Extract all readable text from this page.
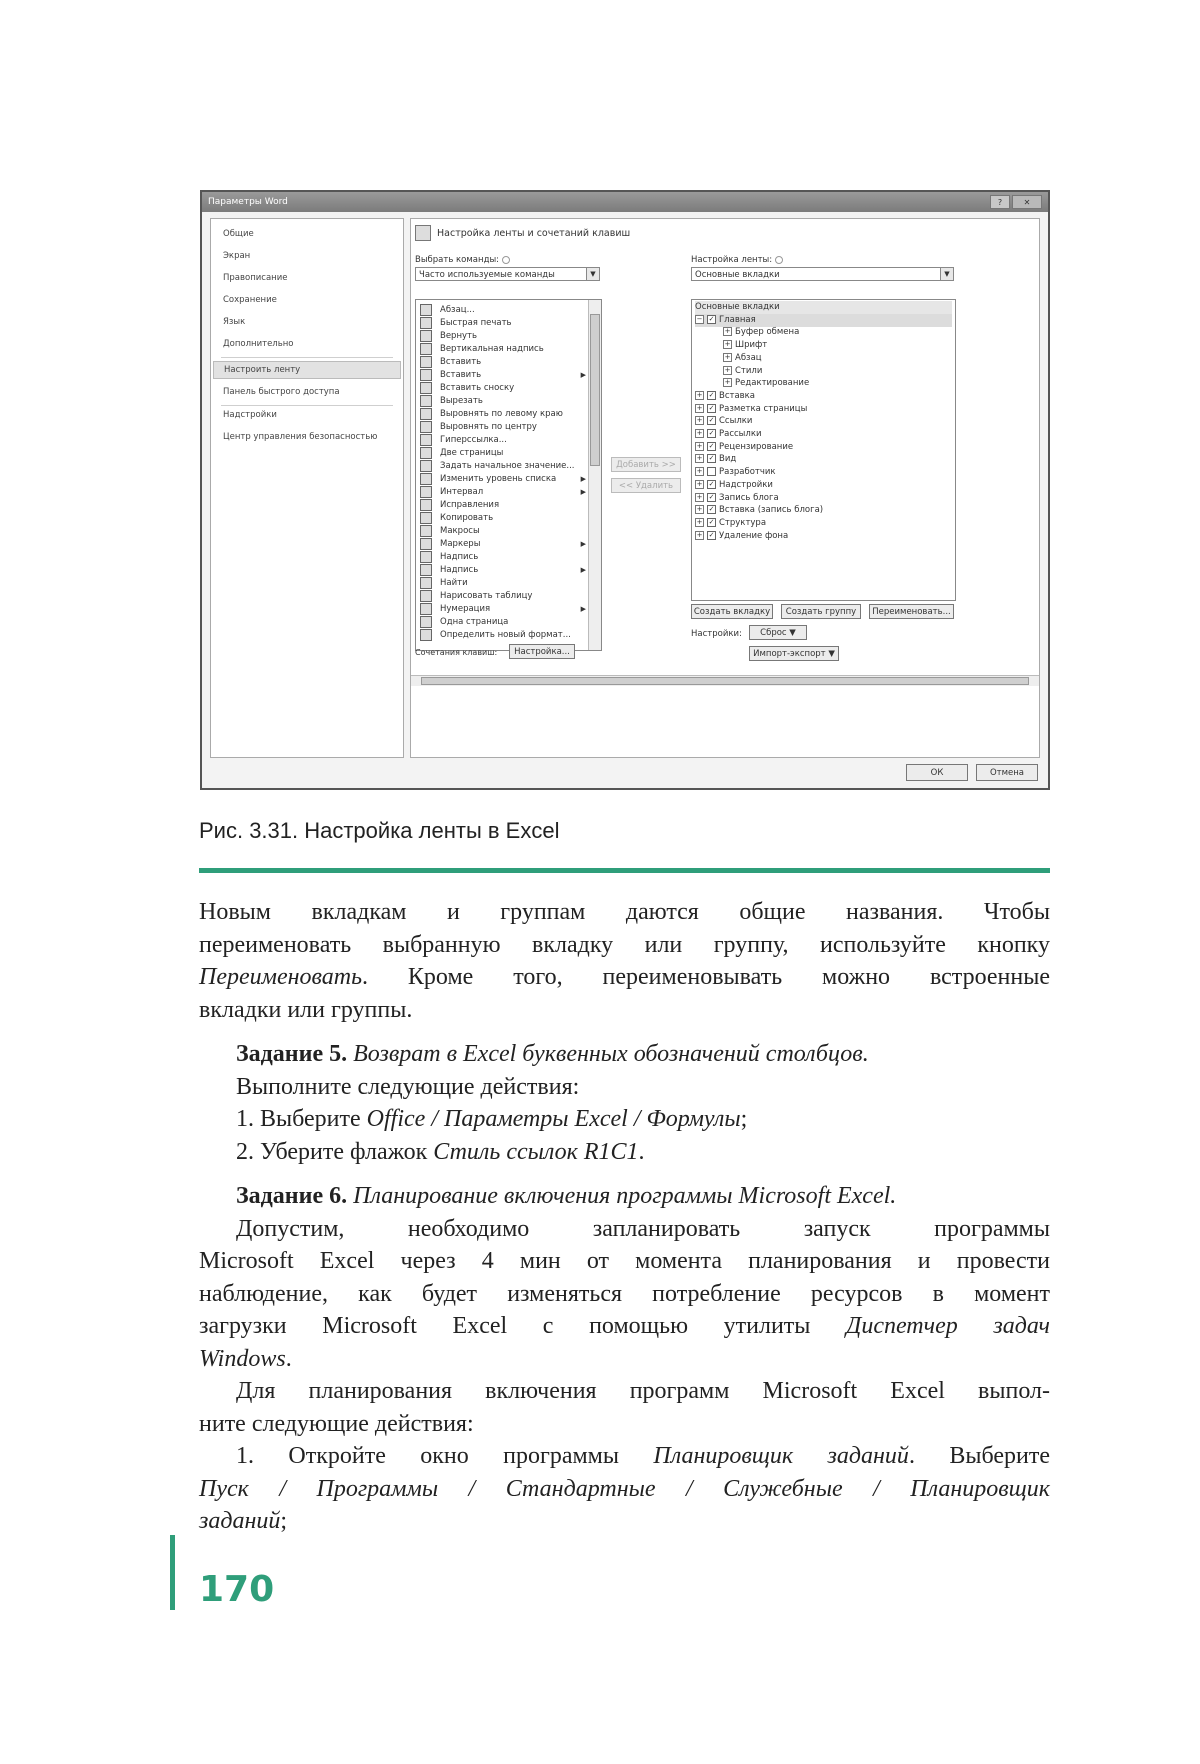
Параметры Word	?	✕
Общие
Экран
Правописание
Сохранение
Язык
Дополнительно
Настроить ленту
Панель быстрого доступа
Надстройки
Центр управления безопасностью
Настройка ленты и сочетаний клавиш
Выбрать команды:
Часто используемые команды	▼
Настройка ленты:
Основные вкладки	▼
Абзац...
Быстрая печать
Вернуть
Вертикальная надпись
Вставить
Вставить	▶
Вставить сноску
Вырезать
Выровнять по левому краю
Выровнять по центру
Гиперссылка...
Две страницы
Задать начальное значение...
Изменить уровень списка	▶
Интервал	▶
Исправления
Копировать
Макросы
Маркеры	▶
Надпись
Надпись	▶
Найти
Нарисовать таблицу
Нумерация	▶
Одна страница
Определить новый формат...
Добавить >>
<< Удалить
Основные вкладки
− ✓ Главная
+ Буфер обмена
+ Шрифт
+ Абзац
+ Стили
+ Редактирование
+ ✓ Вставка
+ ✓ Разметка страницы
+ ✓ Ссылки
+ ✓ Рассылки
+ ✓ Рецензирование
+ ✓ Вид
+ Разработчик
+ ✓ Надстройки
+ ✓ Запись блога
+ ✓ Вставка (запись блога)
+ ✓ Структура
+ ✓ Удаление фона
Создать вкладку	Создать группу	Переименовать...
Настройки:	Сброс ▼
Импорт-экспорт ▼
Сочетания клавиш:	Настройка...
ОК	Отмена
Рис. 3.31. Настройка ленты в Excel

Новым вкладкам и группам даются общие названия. Чтобы

переименовать выбранную вкладку или группу, используйте кнопку

Переименовать. Кроме того, переименовывать можно встроенные

вкладки или группы.

Задание 5. Возврат в Excel буквенных обозначений столбцов.

Выполните следующие действия:

1. Выберите Office / Параметры Excel / Формулы;

2. Уберите флажок Стиль ссылок R1C1.

Задание 6. Планирование включения программы Microsoft Excel.

Допустим, необходимо запланировать запуск программы

Microsoft Excel через 4 мин от момента планирования и провести

наблюдение, как будет изменяться потребление ресурсов в момент

загрузки Microsoft Excel с помощью утилиты Диспетчер задач

Windows.

Для планирования включения программ Microsoft Excel выпол-

ните следующие действия:

1. Откройте окно программы Планировщик заданий. Выберите

Пуск / Программы / Стандартные / Служебные / Планировщик

заданий;

170
